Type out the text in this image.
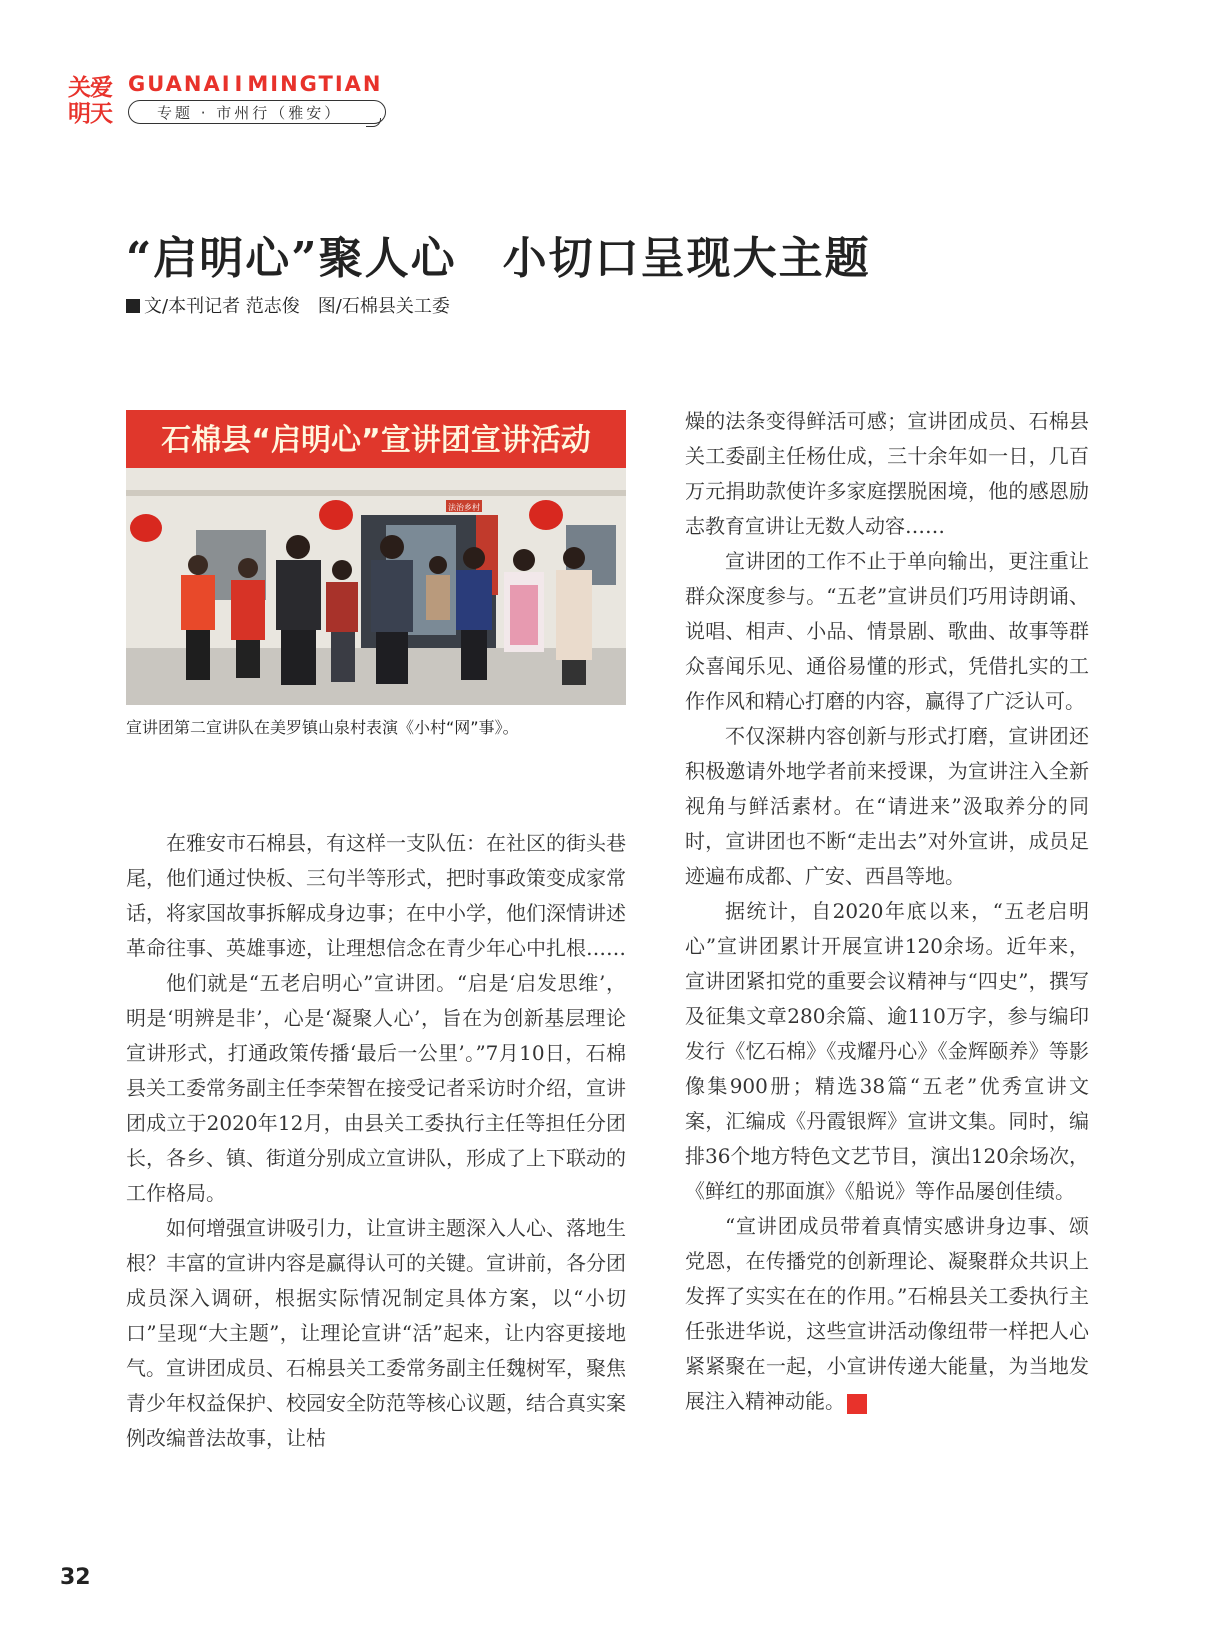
关爱
明天
GUANAI I MINGTIAN
专题 · 市州行（雅安）
“启明心”聚人心　小切口呈现大主题
文/本刊记者 范志俊　图/石棉县关工委
石棉县“启明心”宣讲团宣讲活动
法治乡村
宣讲团第二宣讲队在美罗镇山泉村表演《小村“网”事》。

在雅安市石棉县，有这样一支队伍：在社区的街头巷尾，他们通过快板、三句半等形式，把时事政策变成家常话，将家国故事拆解成身边事；在中小学，他们深情讲述革命往事、英雄事迹，让理想信念在青少年心中扎根……

他们就是“五老启明心”宣讲团。“启是‘启发思维’，明是‘明辨是非’，心是‘凝聚人心’，旨在为创新基层理论宣讲形式，打通政策传播‘最后一公里’。”7月10日，石棉县关工委常务副主任李荣智在接受记者采访时介绍，宣讲团成立于2020年12月，由县关工委执行主任等担任分团长，各乡、镇、街道分别成立宣讲队，形成了上下联动的工作格局。

如何增强宣讲吸引力，让宣讲主题深入人心、落地生根？丰富的宣讲内容是赢得认可的关键。宣讲前，各分团成员深入调研，根据实际情况制定具体方案，以“小切口”呈现“大主题”，让理论宣讲“活”起来，让内容更接地气。宣讲团成员、石棉县关工委常务副主任魏树军，聚焦青少年权益保护、校园安全防范等核心议题，结合真实案例改编普法故事，让枯

燥的法条变得鲜活可感；宣讲团成员、石棉县关工委副主任杨仕成，三十余年如一日，几百万元捐助款使许多家庭摆脱困境，他的感恩励志教育宣讲让无数人动容……

宣讲团的工作不止于单向输出，更注重让群众深度参与。“五老”宣讲员们巧用诗朗诵、说唱、相声、小品、情景剧、歌曲、故事等群众喜闻乐见、通俗易懂的形式，凭借扎实的工作作风和精心打磨的内容，赢得了广泛认可。

不仅深耕内容创新与形式打磨，宣讲团还积极邀请外地学者前来授课，为宣讲注入全新视角与鲜活素材。在“请进来”汲取养分的同时，宣讲团也不断“走出去”对外宣讲，成员足迹遍布成都、广安、西昌等地。

据统计，自2020年底以来，“五老启明心”宣讲团累计开展宣讲120余场。近年来，宣讲团紧扣党的重要会议精神与“四史”，撰写及征集文章280余篇、逾110万字，参与编印发行《忆石棉》《戎耀丹心》《金辉颐养》等影像集900册；精选38篇“五老”优秀宣讲文案，汇编成《丹霞银辉》宣讲文集。同时，编排36个地方特色文艺节目，演出120余场次，《鲜红的那面旗》《船说》等作品屡创佳绩。

“宣讲团成员带着真情实感讲身边事、颂党恩，在传播党的创新理论、凝聚群众共识上发挥了实实在在的作用。”石棉县关工委执行主任张进华说，这些宣讲活动像纽带一样把人心紧紧聚在一起，小宣讲传递大能量，为当地发展注入精神动能。	关

32
